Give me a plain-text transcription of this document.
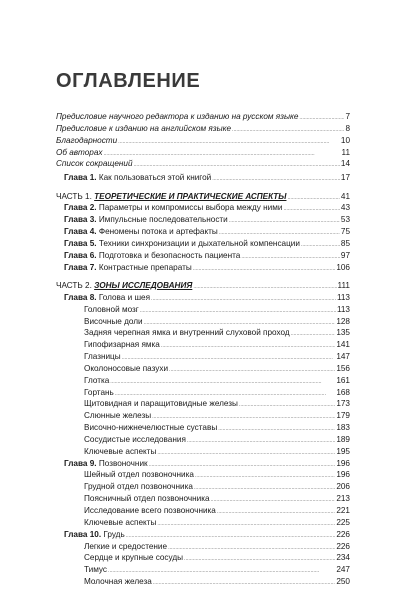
ОГЛАВЛЕНИЕ
Предисловие научного редактора к изданию на русском языке . . .	7
Предисловие к изданию на английском языке . . .	8
Благодарности . . .	10
Об авторах . . .	11
Список сокращений . . .	14
Глава 1. Как пользоваться этой книгой . . .	17
ЧАСТЬ 1. ТЕОРЕТИЧЕСКИЕ И ПРАКТИЧЕСКИЕ АСПЕКТЫ . . .	41
Глава 2. Параметры и компромиссы выбора между ними . . .	43
Глава 3. Импульсные последовательности . . .	53
Глава 4. Феномены потока и артефакты . . .	75
Глава 5. Техники синхронизации и дыхательной компенсации . . .	85
Глава 6. Подготовка и безопасность пациента . . .	97
Глава 7. Контрастные препараты . . .	106
ЧАСТЬ 2. ЗОНЫ ИССЛЕДОВАНИЯ . . .	111
Глава 8. Голова и шея . . .	113
Головной мозг . . .	113
Височные доли . . .	128
Задняя черепная ямка и внутренний слуховой проход . . .	135
Гипофизарная ямка . . .	141
Глазницы . . .	147
Околоносовые пазухи . . .	156
Глотка . . .	161
Гортань . . .	168
Щитовидная и паращитовидные железы . . .	173
Слюнные железы . . .	179
Височно-нижнечелюстные суставы . . .	183
Сосудистые исследования . . .	189
Ключевые аспекты . . .	195
Глава 9. Позвоночник . . .	196
Шейный отдел позвоночника . . .	196
Грудной отдел позвоночника . . .	206
Поясничный отдел позвоночника . . .	213
Исследование всего позвоночника . . .	221
Ключевые аспекты . . .	225
Глава 10. Грудь . . .	226
Легкие и средостение . . .	226
Сердце и крупные сосуды . . .	234
Тимус . . .	247
Молочная железа . . .	250
